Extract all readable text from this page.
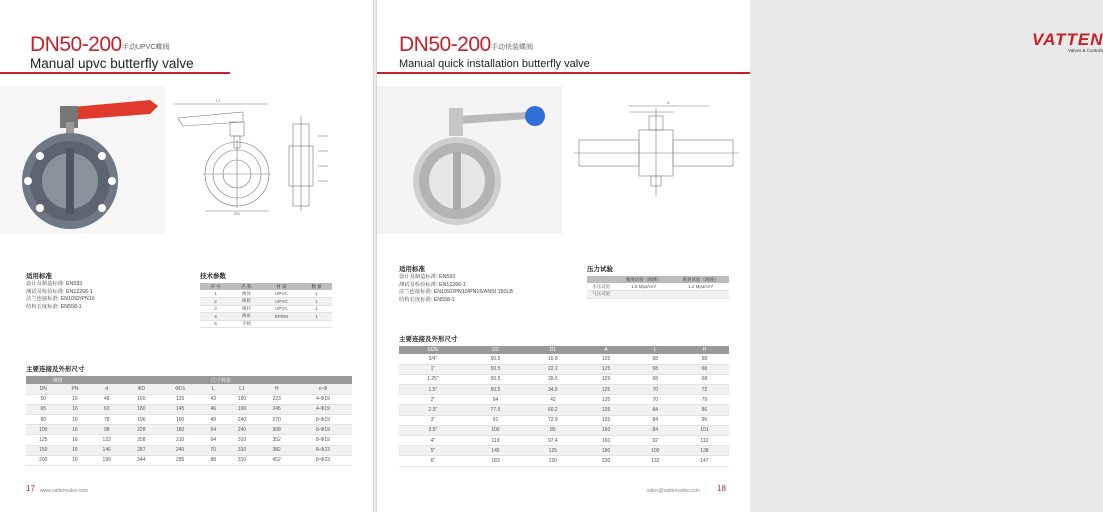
DN50-200 手动UPVC蝶阀
Manual upvc butterfly valve
L1
ΦD
适用标准
设计及制造标准: EN593
测试及检验标准: EN12266-1
法兰连接标准: EN1092/PN10
结构长度标准: EN558-1
技术参数
序 号	名 称	材 质	数 量
1	阀体	UPVC	1
2	阀板	UPVC	1
3	阀杆	UPVC	1
4	阀座	EPDM	1
5	手柄		
主要连接及外形尺寸
规格		尺寸列表						
DN	PN	d	ΦD	ΦD1	L	L1	H	n-Φ
50	16	48	160	125	43	190	223	4-Φ19
65	16	63	180	145	46	190	245	4-Φ19
80	16	78	196	160	49	240	270	8-Φ19
100	16	98	228	180	54	240	308	8-Φ19
125	16	122	258	210	64	310	352	8-Φ19
150	16	146	287	240	70	310	382	8-Φ23
200	16	199	344	295	88	310	452	8-Φ23
17 www.vattenvalve.com
DN50-200 手动快装蝶阀
Manual quick installation butterfly valve
VATTEN
Valves & Controls
A
适用标准
设计及制造标准: EN593
测试及检验标准: EN12266-1
法兰连接标准: EN1092/PN10/PN16/ANSI 150LB
结构长度标准: EN558-1
压力试验
	强度试验（阀体）	密封试验（阀座）
水压试验	1.5 Mpa/cm²	1.2 Mpa/cm²
气压试验		
主要连接及外形尺寸
SIZE	D2	D1	A	L	H
3/4"	50.5	15.8	125	68	68
1"	50.5	22.1	125	68	68
1.25"	50.5	28.5	125	68	68
1.5"	50.5	34.8	125	70	72
2"	64	42	135	70	79
2.5"	77.5	60.2	135	84	86
3"	91	72.9	135	84	96
3.5"	106	85	160	84	101
4"	119	97.4	160	92	110
5"	145	125	190	100	138
6"	183	150	230	132	147
sales@vattenvalve.com 18
